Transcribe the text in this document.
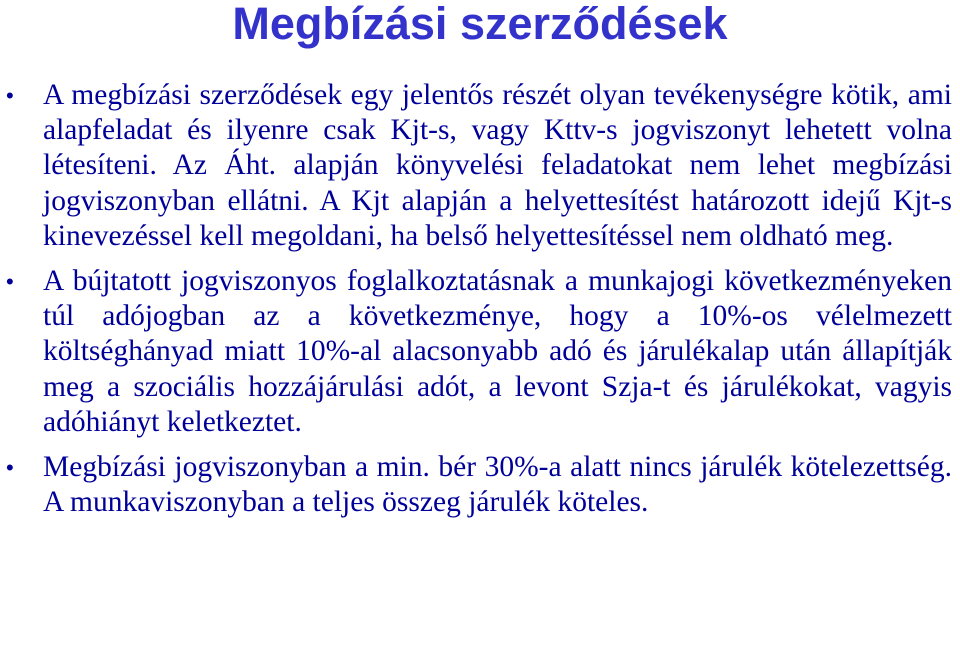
Megbízási szerződések
• A megbízási szerződések egy jelentős részét olyan tevékenységre kötik, ami alapfeladat és ilyenre csak Kjt-s, vagy Kttv-s jogviszonyt lehetett volna létesíteni. Az Áht. alapján könyvelési feladatokat nem lehet megbízási jogviszonyban ellátni. A Kjt alapján a helyettesítést határozott idejű Kjt-s kinevezéssel kell megoldani, ha belső helyettesítéssel nem oldható meg.
• A bújtatott jogviszonyos foglalkoztatásnak a munkajogi következményeken túl adójogban az a következménye, hogy a 10%-os vélelmezett költséghányad miatt 10%-al alacsonyabb adó és járulékalap után állapítják meg a szociális hozzájárulási adót, a levont Szja-t és járulékokat, vagyis adóhiányt keletkeztet.
• Megbízási jogviszonyban a min. bér 30%-a alatt nincs járulék kötelezettség. A munkaviszonyban a teljes összeg járulék köteles.
